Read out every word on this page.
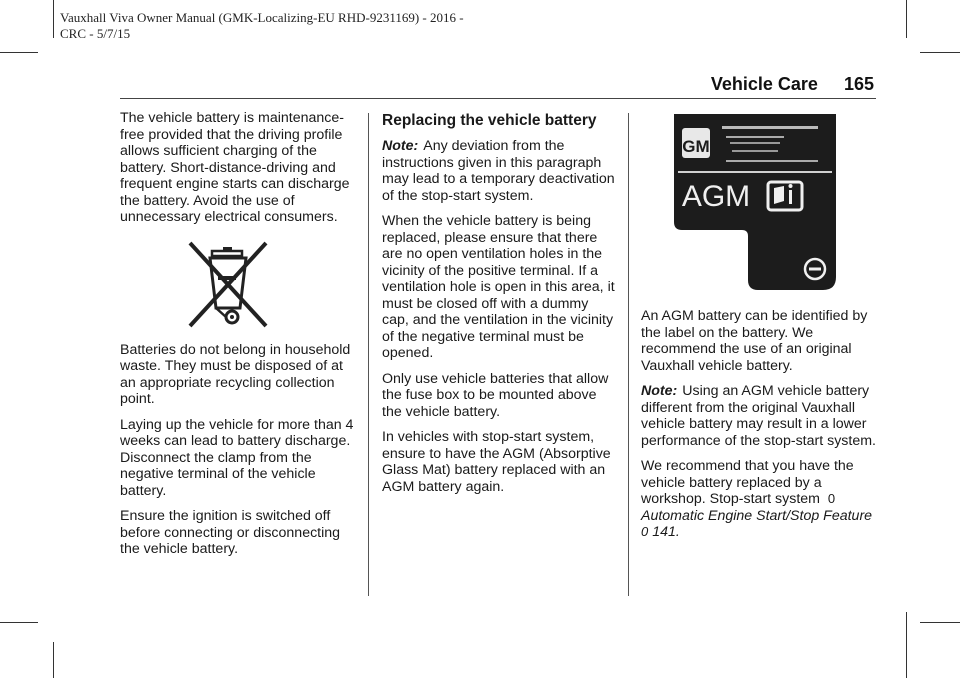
Vauxhall Viva Owner Manual (GMK-Localizing-EU RHD-9231169) - 2016 - CRC - 5/7/15
Vehicle Care 165

The vehicle battery is maintenance-free provided that the driving profile allows sufficient charging of the battery. Short-distance-driving and frequent engine starts can discharge the battery. Avoid the use of unnecessary electrical consumers.

Batteries do not belong in household waste. They must be disposed of at an appropriate recycling collection point.

Laying up the vehicle for more than 4 weeks can lead to battery discharge. Disconnect the clamp from the negative terminal of the vehicle battery.

Ensure the ignition is switched off before connecting or disconnecting the vehicle battery.

Replacing the vehicle battery

Note: Any deviation from the instructions given in this paragraph may lead to a temporary deactivation of the stop-start system.

When the vehicle battery is being replaced, please ensure that there are no open ventilation holes in the vicinity of the positive terminal. If a ventilation hole is open in this area, it must be closed off with a dummy cap, and the ventilation in the vicinity of the negative terminal must be opened.

Only use vehicle batteries that allow the fuse box to be mounted above the vehicle battery.

In vehicles with stop-start system, ensure to have the AGM (Absorptive Glass Mat) battery replaced with an AGM battery again.

GM
AGM

An AGM battery can be identified by the label on the battery. We recommend the use of an original Vauxhall vehicle battery.

Note: Using an AGM vehicle battery different from the original Vauxhall vehicle battery may result in a lower performance of the stop-start system.

We recommend that you have the vehicle battery replaced by a workshop. Stop-start system 0
Automatic Engine Start/Stop Feature 0 141.
